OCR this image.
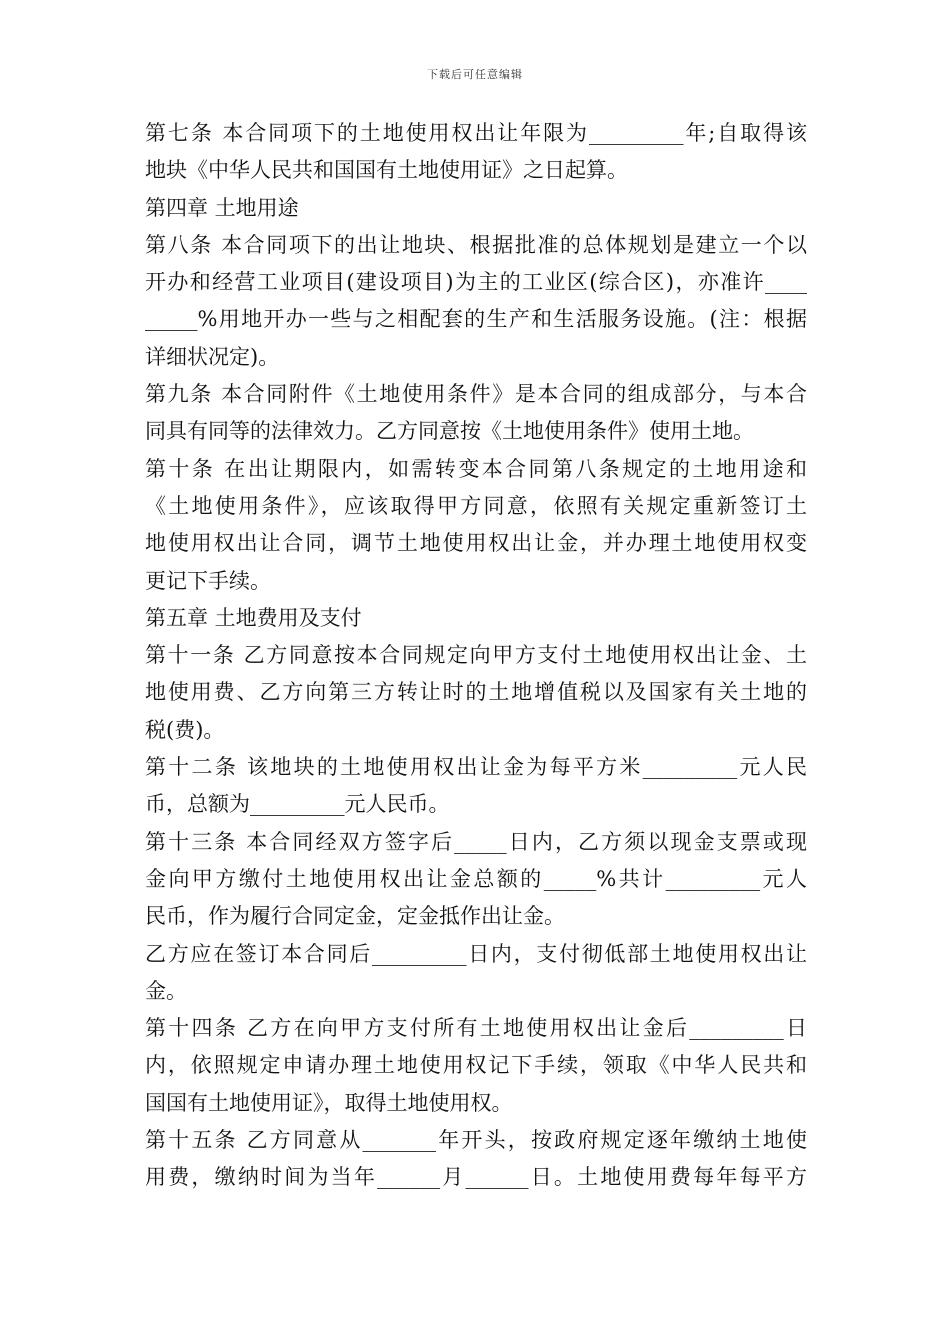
下载后可任意编辑
第七条 本合同项下的土地使用权出让年限为_________年;自取得该
地块《中华人民共和国国有土地使用证》之日起算。
第四章 土地用途
第八条 本合同项下的出让地块、根据批准的总体规划是建立一个以
开办和经营工业项目(建设项目)为主的工业区(综合区)，亦准许____
_____%用地开办一些与之相配套的生产和生活服务设施。(注：根据
详细状况定)。
第九条 本合同附件《土地使用条件》是本合同的组成部分，与本合
同具有同等的法律效力。乙方同意按《土地使用条件》使用土地。
第十条 在出让期限内，如需转变本合同第八条规定的土地用途和
《土地使用条件》，应该取得甲方同意，依照有关规定重新签订土
地使用权出让合同，调节土地使用权出让金，并办理土地使用权变
更记下手续。
第五章 土地费用及支付
第十一条 乙方同意按本合同规定向甲方支付土地使用权出让金、土
地使用费、乙方向第三方转让时的土地增值税以及国家有关土地的
税(费)。
第十二条 该地块的土地使用权出让金为每平方米_________元人民
币，总额为_________元人民币。
第十三条 本合同经双方签字后_____日内，乙方须以现金支票或现
金向甲方缴付土地使用权出让金总额的_____%共计_________元人
民币，作为履行合同定金，定金抵作出让金。
乙方应在签订本合同后_________日内，支付彻低部土地使用权出让
金。
第十四条 乙方在向甲方支付所有土地使用权出让金后_________日
内，依照规定申请办理土地使用权记下手续，领取《中华人民共和
国国有土地使用证》，取得土地使用权。
第十五条 乙方同意从_______年开头，按政府规定逐年缴纳土地使
用费，缴纳时间为当年______月______日。土地使用费每年每平方
